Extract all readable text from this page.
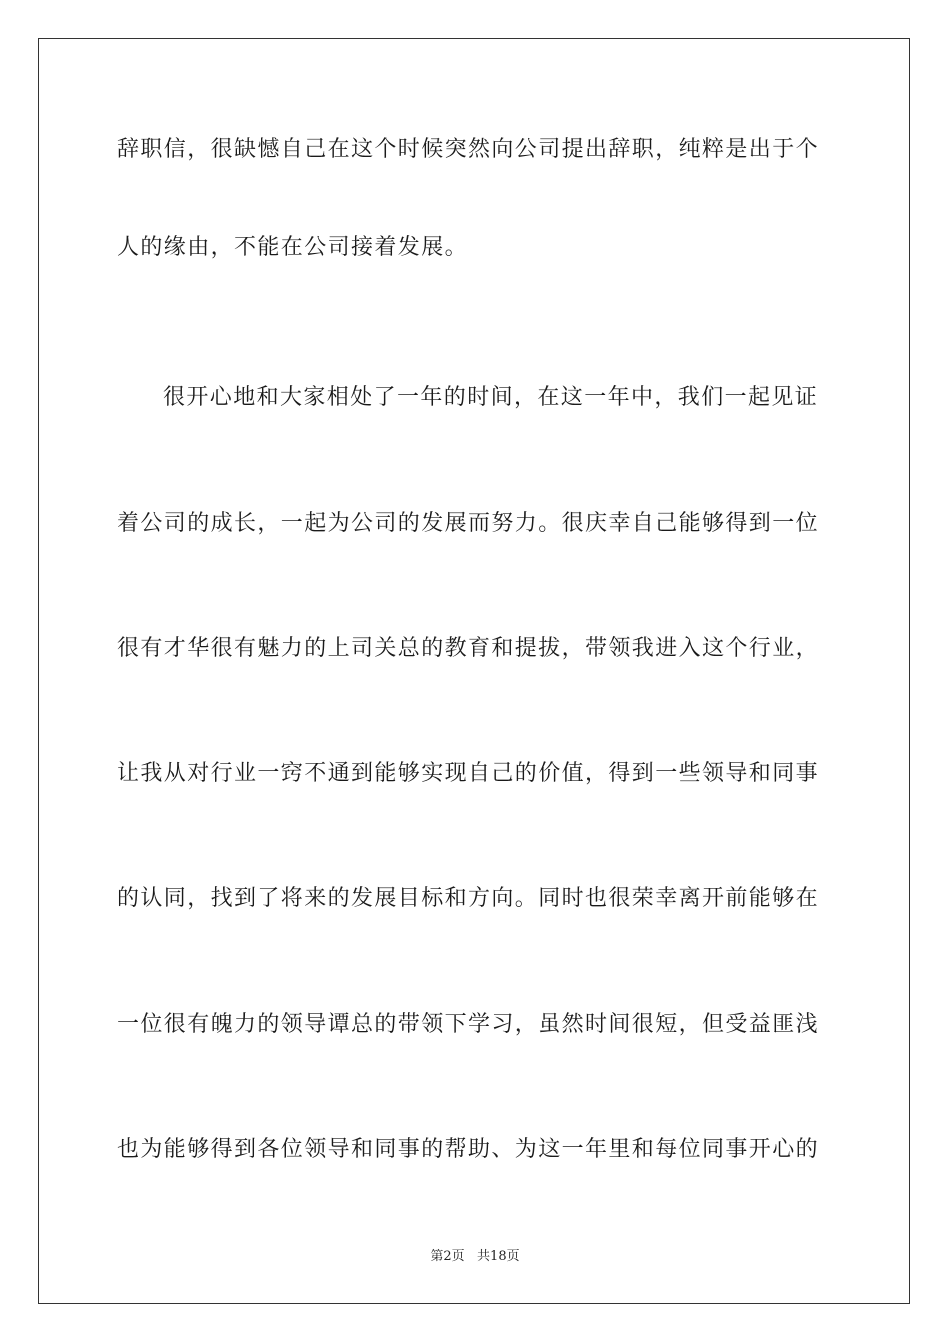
辞职信，很缺憾自己在这个时候突然向公司提出辞职，纯粹是出于个
人的缘由，不能在公司接着发展。
很开心地和大家相处了一年的时间，在这一年中，我们一起见证
着公司的成长，一起为公司的发展而努力。很庆幸自己能够得到一位
很有才华很有魅力的上司关总的教育和提拔，带领我进入这个行业，
让我从对行业一窍不通到能够实现自己的价值，得到一些领导和同事
的认同，找到了将来的发展目标和方向。同时也很荣幸离开前能够在
一位很有魄力的领导谭总的带领下学习，虽然时间很短，但受益匪浅
也为能够得到各位领导和同事的帮助、为这一年里和每位同事开心的
第2页   共18页
